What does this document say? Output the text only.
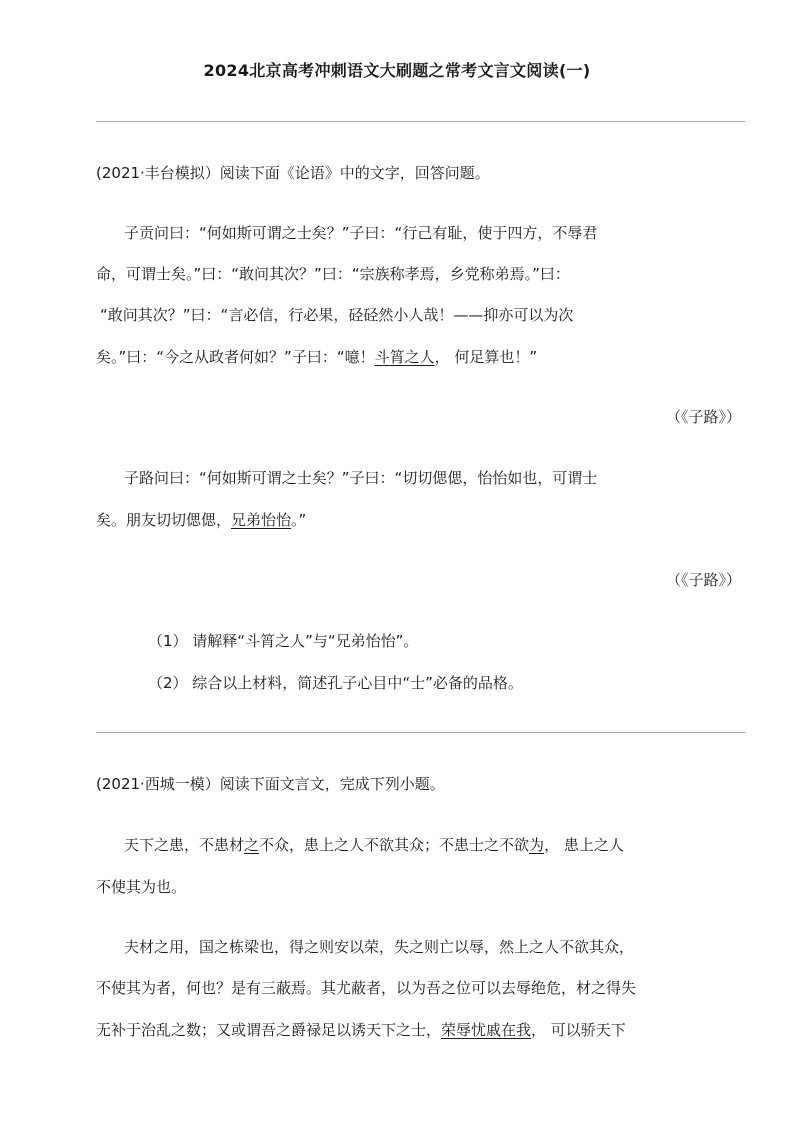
2024北京高考冲刺语文大刷题之常考文言文阅读(一)
(2021·丰台模拟）阅读下面《论语》中的文字，回答问题。
子贡问曰：“何如斯可谓之士矣？”子曰：“行己有耻，使于四方，不辱君
命，可谓士矣。”曰：“敢问其次？”曰：“宗族称孝焉，乡党称弟焉。”曰：
“敢问其次？”曰：“言必信，行必果，硁硁然小人哉！——抑亦可以为次
矣。”曰：“今之从政者何如？”子曰：“噫！斗筲之人， 何足算也！”
（《子路》）
子路问曰：“何如斯可谓之士矣？”子曰：“切切偲偲，怡怡如也，可谓士
矣。朋友切切偲偲，兄弟怡怡。”
（《子路》）
（1） 请解释“斗筲之人”与“兄弟怡怡”。
（2） 综合以上材料，简述孔子心目中“士”必备的品格。
(2021·西城一模）阅读下面文言文，完成下列小题。
天下之患，不患材之不众，患上之人不欲其众；不患士之不欲为， 患上之人
不使其为也。
夫材之用，国之栋梁也，得之则安以荣，失之则亡以辱，然上之人不欲其众，
不使其为者，何也？是有三蔽焉。其尤蔽者，以为吾之位可以去辱绝危，材之得失
无补于治乱之数；又或谓吾之爵禄足以诱天下之士，荣辱忧戚在我， 可以骄天下
